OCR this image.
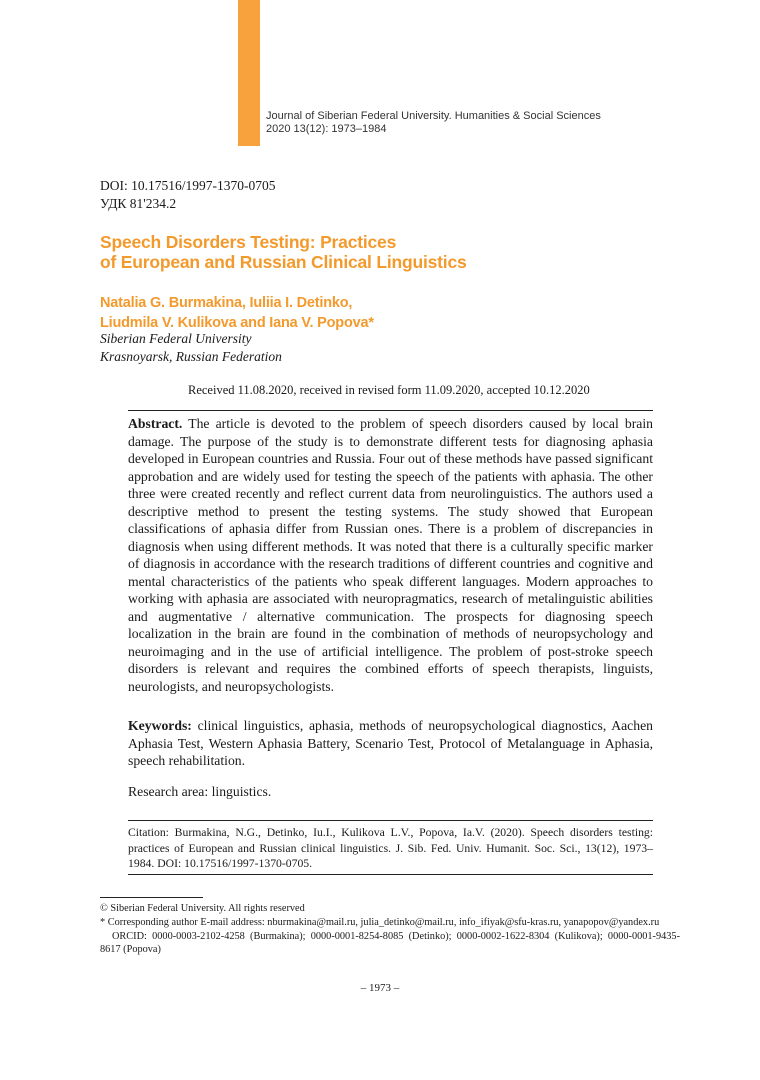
Journal of Siberian Federal University. Humanities & Social Sciences
2020 13(12): 1973–1984
DOI: 10.17516/1997-1370-0705
УДК 81'234.2
Speech Disorders Testing: Practices
of European and Russian Clinical Linguistics
Natalia G. Burmakina, Iuliia I. Detinko,
Liudmila V. Kulikova and Iana V. Popova*
Siberian Federal University
Krasnoyarsk, Russian Federation
Received 11.08.2020, received in revised form 11.09.2020, accepted 10.12.2020
Abstract. The article is devoted to the problem of speech disorders caused by local brain damage. The purpose of the study is to demonstrate different tests for diagnosing aphasia developed in European countries and Russia. Four out of these methods have passed significant approbation and are widely used for testing the speech of the patients with aphasia. The other three were created recently and reflect current data from neurolinguistics. The authors used a descriptive method to present the testing systems. The study showed that European classifications of aphasia differ from Russian ones. There is a problem of discrepancies in diagnosis when using different methods. It was noted that there is a culturally specific marker of diagnosis in accordance with the research traditions of different countries and cognitive and mental characteristics of the patients who speak different languages. Modern approaches to working with aphasia are associated with neuropragmatics, research of metalinguistic abilities and augmentative / alternative communication. The prospects for diagnosing speech localization in the brain are found in the combination of methods of neuropsychology and neuroimaging and in the use of artificial intelligence. The problem of post-stroke speech disorders is relevant and requires the combined efforts of speech therapists, linguists, neurologists, and neuropsychologists.
Keywords: clinical linguistics, aphasia, methods of neuropsychological diagnostics, Aachen Aphasia Test, Western Aphasia Battery, Scenario Test, Protocol of Metalanguage in Aphasia, speech rehabilitation.
Research area: linguistics.
Citation: Burmakina, N.G., Detinko, Iu.I., Kulikova L.V., Popova, Ia.V. (2020). Speech disorders testing: practices of European and Russian clinical linguistics. J. Sib. Fed. Univ. Humanit. Soc. Sci., 13(12), 1973–1984. DOI: 10.17516/1997-1370-0705.

© Siberian Federal University. All rights reserved

* Corresponding author E-mail address: nburmakina@mail.ru, julia_detinko@mail.ru, info_ifiyak@sfu-kras.ru, yanapopov@yandex.ru

ORCID: 0000-0003-2102-4258 (Burmakina); 0000-0001-8254-8085 (Detinko); 0000-0002-1622-8304 (Kulikova); 0000-0001-9435-8617 (Popova)

– 1973 –
